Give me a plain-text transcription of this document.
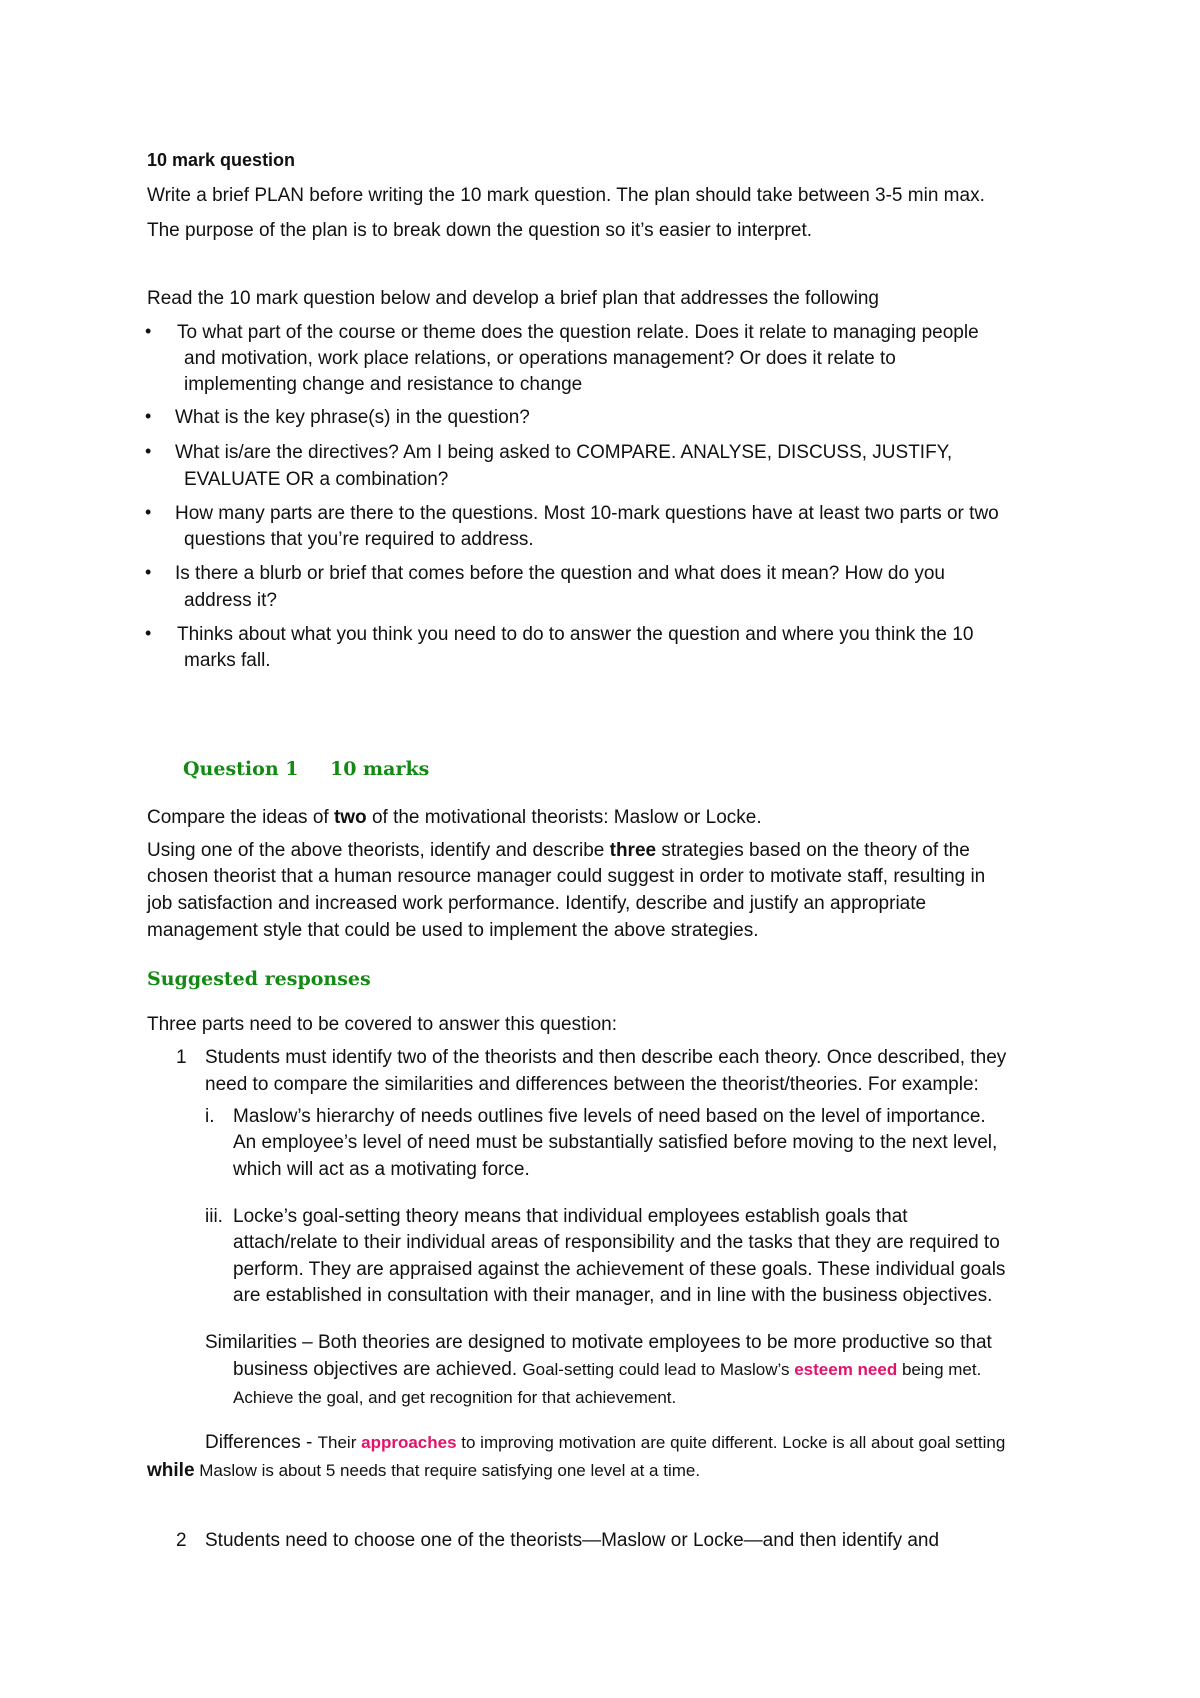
10 mark question
Write a brief PLAN before writing the 10 mark question. The plan should take between 3-5 min max.
The purpose of the plan is to break down the question so it’s easier to interpret.
Read the 10 mark question below and develop a brief plan that addresses the following
• To what part of the course or theme does the question relate. Does it relate to managing people
and motivation, work place relations, or operations management? Or does it relate to
implementing change and resistance to change
• What is the key phrase(s) in the question?
• What is/are the directives? Am I being asked to COMPARE. ANALYSE, DISCUSS, JUSTIFY,
EVALUATE OR a combination?
• How many parts are there to the questions. Most 10-mark questions have at least two parts or two
questions that you’re required to address.
• Is there a blurb or brief that comes before the question and what does it mean? How do you
address it?
• Thinks about what you think you need to do to answer the question and where you think the 10
marks fall.
Question 1 10 marks
Compare the ideas of two of the motivational theorists: Maslow or Locke.
Using one of the above theorists, identify and describe three strategies based on the theory of the
chosen theorist that a human resource manager could suggest in order to motivate staff, resulting in
job satisfaction and increased work performance. Identify, describe and justify an appropriate
management style that could be used to implement the above strategies.
Suggested responses
Three parts need to be covered to answer this question:
1 Students must identify two of the theorists and then describe each theory. Once described, they
need to compare the similarities and differences between the theorist/theories. For example:
i. Maslow’s hierarchy of needs outlines five levels of need based on the level of importance.
An employee’s level of need must be substantially satisfied before moving to the next level,
which will act as a motivating force.
iii. Locke’s goal-setting theory means that individual employees establish goals that
attach/relate to their individual areas of responsibility and the tasks that they are required to
perform. They are appraised against the achievement of these goals. These individual goals
are established in consultation with their manager, and in line with the business objectives.
Similarities – Both theories are designed to motivate employees to be more productive so that
business objectives are achieved. Goal-setting could lead to Maslow’s esteem need being met.
Achieve the goal, and get recognition for that achievement.
Differences - Their approaches to improving motivation are quite different. Locke is all about goal setting
while Maslow is about 5 needs that require satisfying one level at a time.
2 Students need to choose one of the theorists—Maslow or Locke—and then identify and
